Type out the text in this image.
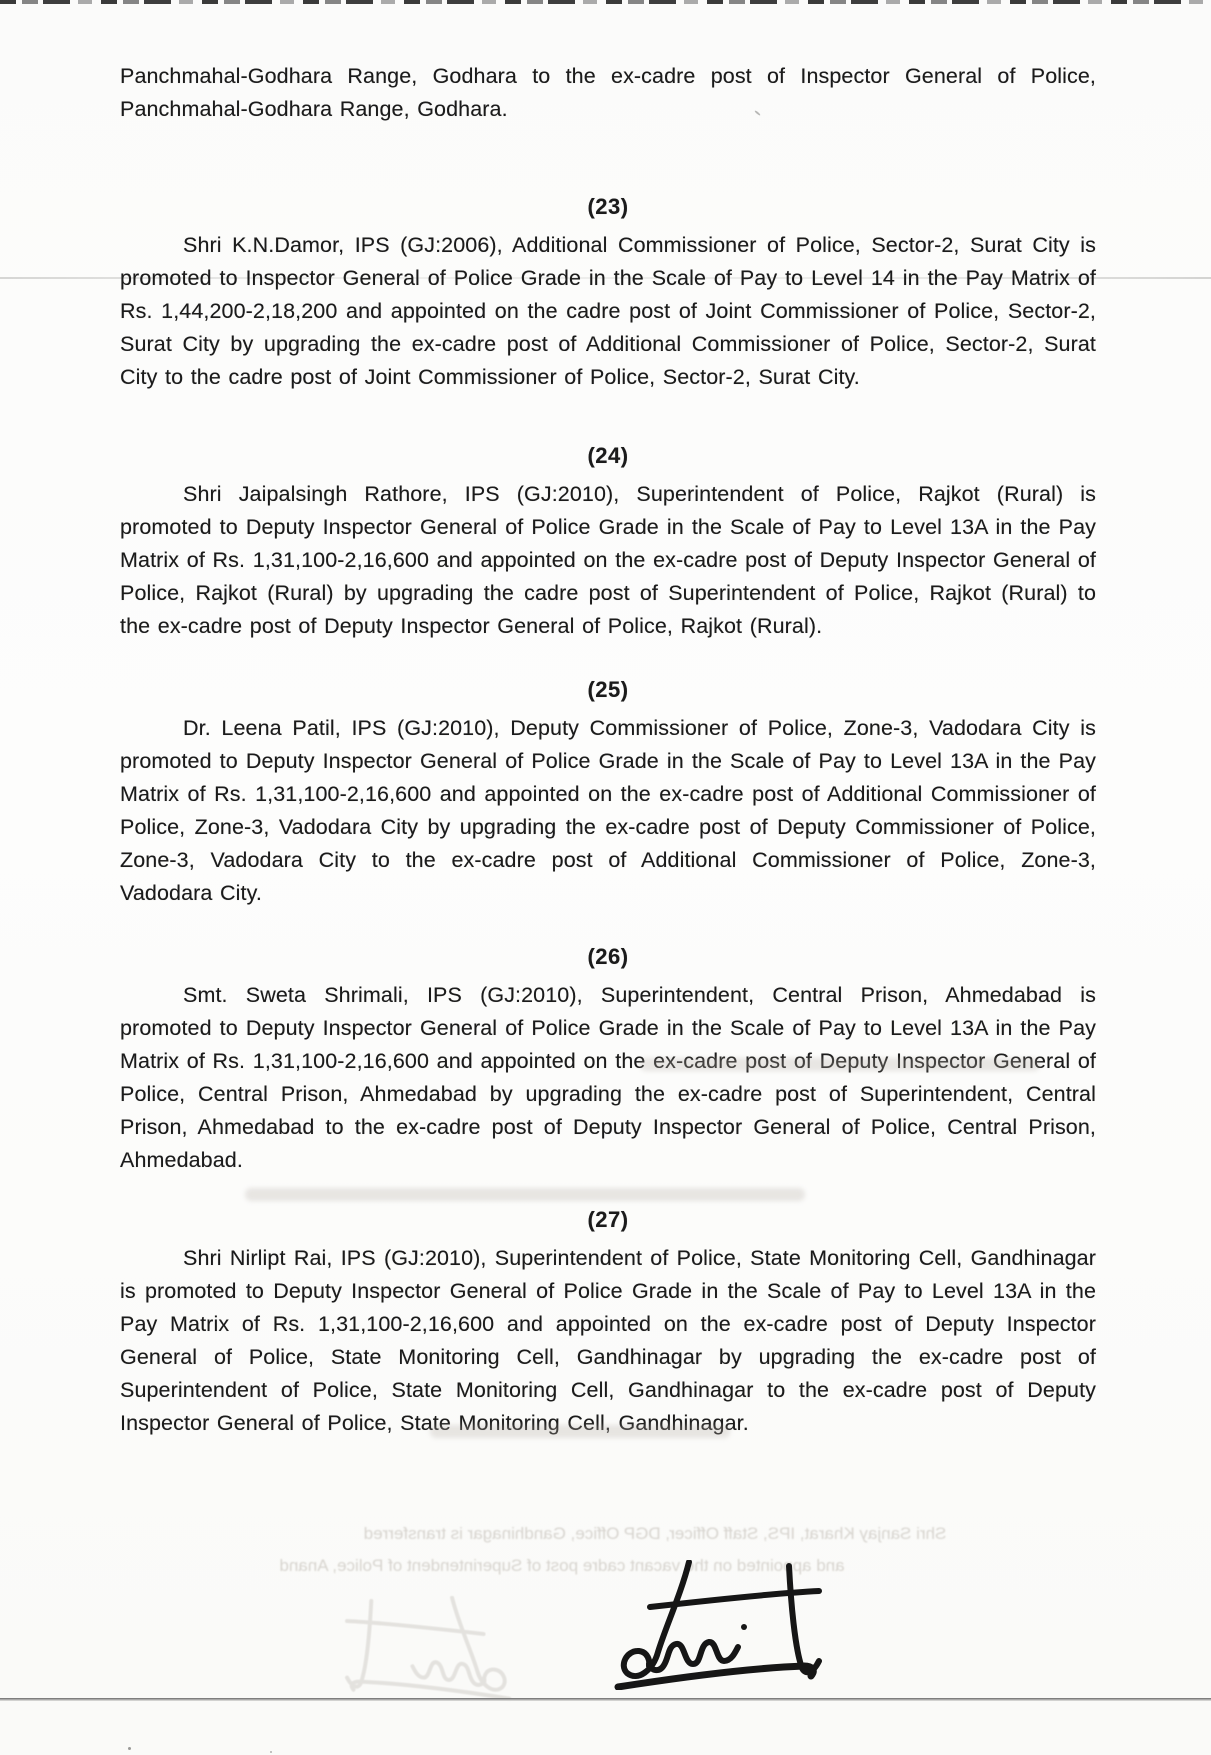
Panchmahal-Godhara Range, Godhara to the ex-cadre post of Inspector General of Police, Panchmahal-Godhara Range, Godhara.

(23)

Shri K.N.Damor, IPS (GJ:2006), Additional Commissioner of Police, Sector-2, Surat City is promoted to Inspector General of Police Grade in the Scale of Pay to Level 14 in the Pay Matrix of Rs. 1,44,200-2,18,200 and appointed on the cadre post of Joint Commissioner of Police, Sector-2, Surat City by upgrading the ex-cadre post of Additional Commissioner of Police, Sector-2, Surat City to the cadre post of Joint Commissioner of Police, Sector-2, Surat City.

(24)

Shri Jaipalsingh Rathore, IPS (GJ:2010), Superintendent of Police, Rajkot (Rural) is promoted to Deputy Inspector General of Police Grade in the Scale of Pay to Level 13A in the Pay Matrix of Rs. 1,31,100-2,16,600 and appointed on the ex-cadre post of Deputy Inspector General of Police, Rajkot (Rural) by upgrading the cadre post of Superintendent of Police, Rajkot (Rural) to the ex-cadre post of Deputy Inspector General of Police, Rajkot (Rural).

(25)

Dr. Leena Patil, IPS (GJ:2010), Deputy Commissioner of Police, Zone-3, Vadodara City is promoted to Deputy Inspector General of Police Grade in the Scale of Pay to Level 13A in the Pay Matrix of Rs. 1,31,100-2,16,600 and appointed on the ex-cadre post of Additional Commissioner of Police, Zone-3, Vadodara City by upgrading the ex-cadre post of Deputy Commissioner of Police, Zone-3, Vadodara City to the ex-cadre post of Additional Commissioner of Police, Zone-3, Vadodara City.

(26)

Smt. Sweta Shrimali, IPS (GJ:2010), Superintendent, Central Prison, Ahmedabad is promoted to Deputy Inspector General of Police Grade in the Scale of Pay to Level 13A in the Pay Matrix of Rs. 1,31,100-2,16,600 and appointed on the ex-cadre post of Deputy Inspector General of Police, Central Prison, Ahmedabad by upgrading the ex-cadre post of Superintendent, Central Prison, Ahmedabad to the ex-cadre post of Deputy Inspector General of Police, Central Prison, Ahmedabad.

(27)

Shri Nirlipt Rai, IPS (GJ:2010), Superintendent of Police, State Monitoring Cell, Gandhinagar is promoted to Deputy Inspector General of Police Grade in the Scale of Pay to Level 13A in the Pay Matrix of Rs. 1,31,100-2,16,600 and appointed on the ex-cadre post of Deputy Inspector General of Police, State Monitoring Cell, Gandhinagar by upgrading the ex-cadre post of Superintendent of Police, State Monitoring Cell, Gandhinagar to the ex-cadre post of Deputy Inspector General of Police, State Monitoring Cell, Gandhinagar.

Shri Sanjay Kharat, IPS, Staff Officer, DGP Office, Gandhinagar is transferred
and appointed on the vacant cadre post of Superintendent of Police, Anand
